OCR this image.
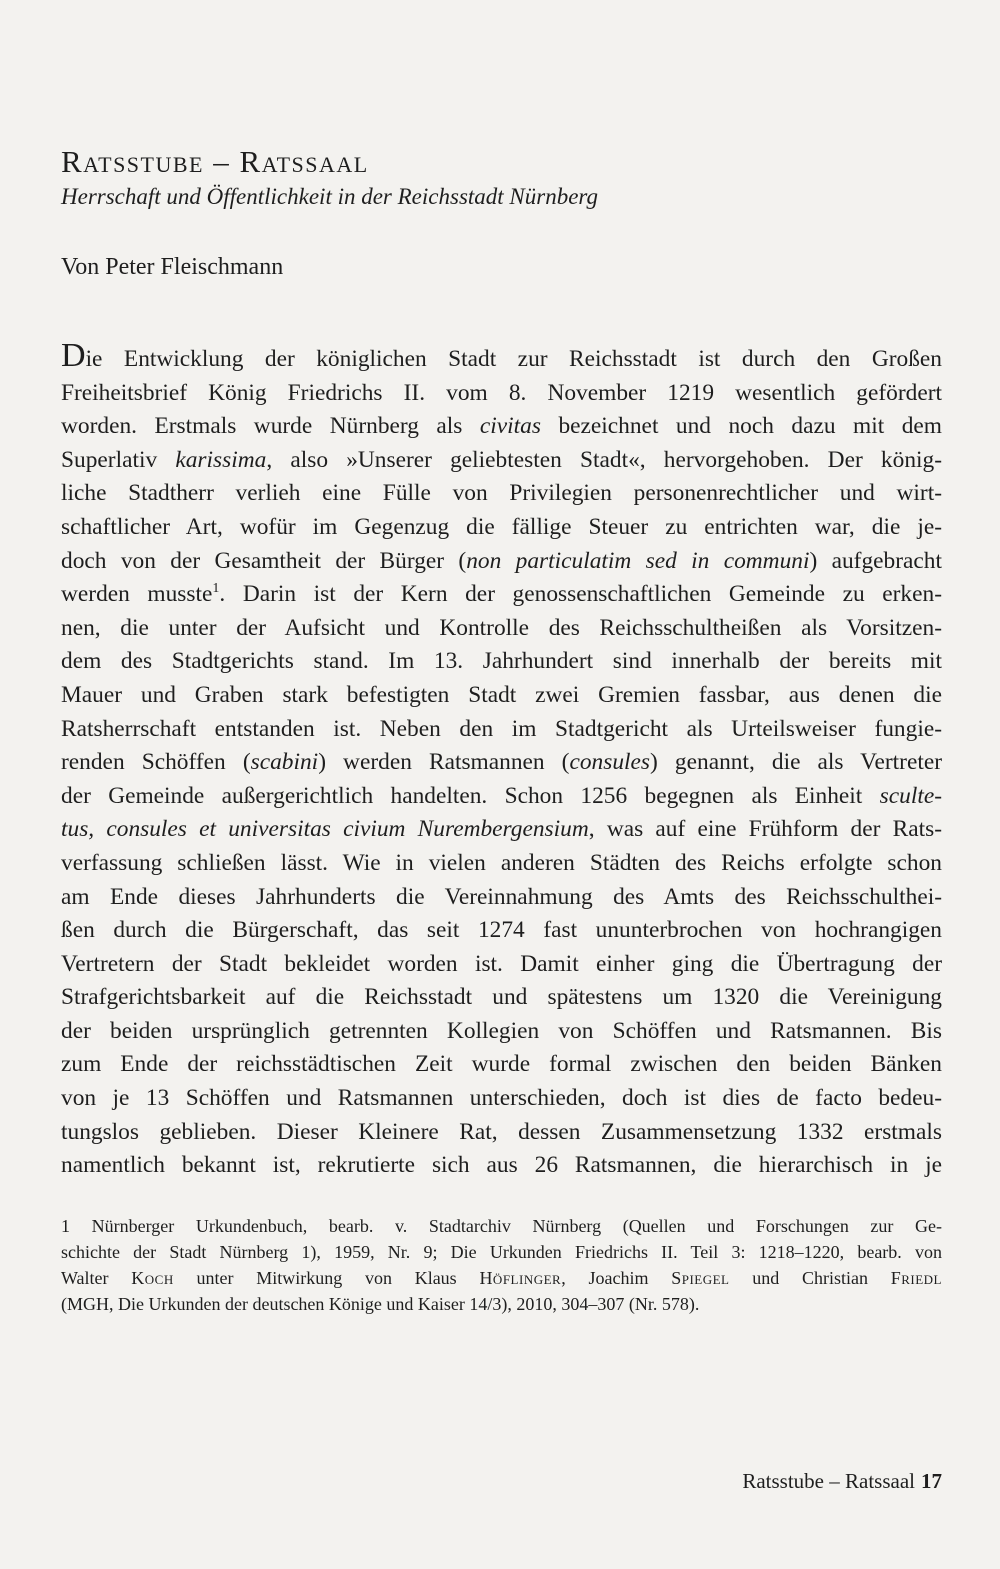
Ratsstube – Ratssaal
Herrschaft und Öffentlichkeit in der Reichsstadt Nürnberg
Von Peter Fleischmann
Die Entwicklung der königlichen Stadt zur Reichsstadt ist durch den Großen
Freiheitsbrief König Friedrichs II. vom 8. November 1219 wesentlich gefördert
worden. Erstmals wurde Nürnberg als civitas bezeichnet und noch dazu mit dem
Superlativ karissima, also »Unserer geliebtesten Stadt«, hervorgehoben. Der könig-
liche Stadtherr verlieh eine Fülle von Privilegien personenrechtlicher und wirt-
schaftlicher Art, wofür im Gegenzug die fällige Steuer zu entrichten war, die je-
doch von der Gesamtheit der Bürger (non particulatim sed in communi) aufgebracht
werden musste$^1$. Darin ist der Kern der genossenschaftlichen Gemeinde zu erken-
nen, die unter der Aufsicht und Kontrolle des Reichsschultheißen als Vorsitzen-
dem des Stadtgerichts stand. Im 13. Jahrhundert sind innerhalb der bereits mit
Mauer und Graben stark befestigten Stadt zwei Gremien fassbar, aus denen die
Ratsherrschaft entstanden ist. Neben den im Stadtgericht als Urteilsweiser fungie-
renden Schöffen (scabini) werden Ratsmannen (consules) genannt, die als Vertreter
der Gemeinde außergerichtlich handelten. Schon 1256 begegnen als Einheit sculte-
tus, consules et universitas civium Nurembergensium, was auf eine Frühform der Rats-
verfassung schließen lässt. Wie in vielen anderen Städten des Reichs erfolgte schon
am Ende dieses Jahrhunderts die Vereinnahmung des Amts des Reichsschulthei-
ßen durch die Bürgerschaft, das seit 1274 fast ununterbrochen von hochrangigen
Vertretern der Stadt bekleidet worden ist. Damit einher ging die Übertragung der
Strafgerichtsbarkeit auf die Reichsstadt und spätestens um 1320 die Vereinigung
der beiden ursprünglich getrennten Kollegien von Schöffen und Ratsmannen. Bis
zum Ende der reichsstädtischen Zeit wurde formal zwischen den beiden Bänken
von je 13 Schöffen und Ratsmannen unterschieden, doch ist dies de facto bedeu-
tungslos geblieben. Dieser Kleinere Rat, dessen Zusammensetzung 1332 erstmals
namentlich bekannt ist, rekrutierte sich aus 26 Ratsmannen, die hierarchisch in je
1 Nürnberger Urkundenbuch, bearb. v. Stadtarchiv Nürnberg (Quellen und Forschungen zur Ge-
schichte der Stadt Nürnberg 1), 1959, Nr. 9; Die Urkunden Friedrichs II. Teil 3: 1218–1220, bearb. von
Walter Koch unter Mitwirkung von Klaus Höflinger, Joachim Spiegel und Christian Friedl
(MGH, Die Urkunden der deutschen Könige und Kaiser 14/3), 2010, 304–307 (Nr. 578).
Ratsstube – Ratssaal 17
